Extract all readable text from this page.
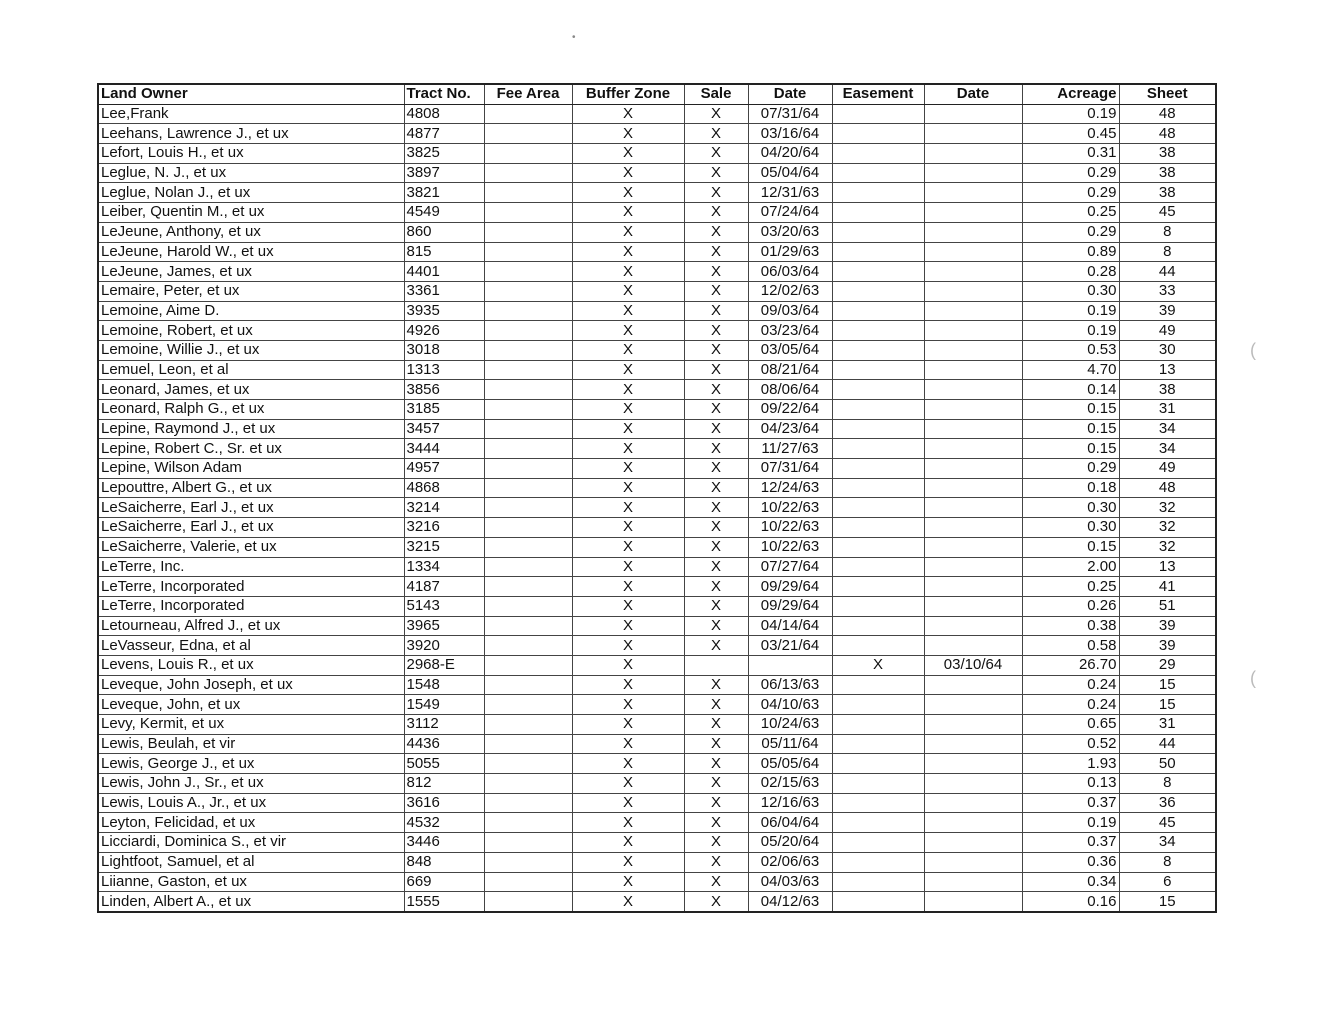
•
(
(
Land Owner	Tract No.	Fee Area	Buffer Zone	Sale	Date	Easement	Date	Acreage	Sheet
Lee,Frank	4808		X	X	07/31/64			0.19	48
Leehans, Lawrence J., et ux	4877		X	X	03/16/64			0.45	48
Lefort, Louis H., et ux	3825		X	X	04/20/64			0.31	38
Leglue, N. J., et ux	3897		X	X	05/04/64			0.29	38
Leglue, Nolan J., et ux	3821		X	X	12/31/63			0.29	38
Leiber, Quentin M., et ux	4549		X	X	07/24/64			0.25	45
LeJeune, Anthony, et ux	860		X	X	03/20/63			0.29	8
LeJeune, Harold W., et ux	815		X	X	01/29/63			0.89	8
LeJeune, James, et ux	4401		X	X	06/03/64			0.28	44
Lemaire, Peter, et ux	3361		X	X	12/02/63			0.30	33
Lemoine, Aime D.	3935		X	X	09/03/64			0.19	39
Lemoine, Robert, et ux	4926		X	X	03/23/64			0.19	49
Lemoine, Willie J., et ux	3018		X	X	03/05/64			0.53	30
Lemuel, Leon, et al	1313		X	X	08/21/64			4.70	13
Leonard, James, et ux	3856		X	X	08/06/64			0.14	38
Leonard, Ralph G., et ux	3185		X	X	09/22/64			0.15	31
Lepine, Raymond J., et ux	3457		X	X	04/23/64			0.15	34
Lepine, Robert C., Sr. et ux	3444		X	X	11/27/63			0.15	34
Lepine, Wilson Adam	4957		X	X	07/31/64			0.29	49
Lepouttre, Albert G., et ux	4868		X	X	12/24/63			0.18	48
LeSaicherre, Earl J., et ux	3214		X	X	10/22/63			0.30	32
LeSaicherre, Earl J., et ux	3216		X	X	10/22/63			0.30	32
LeSaicherre, Valerie, et ux	3215		X	X	10/22/63			0.15	32
LeTerre, Inc.	1334		X	X	07/27/64			2.00	13
LeTerre, Incorporated	4187		X	X	09/29/64			0.25	41
LeTerre, Incorporated	5143		X	X	09/29/64			0.26	51
Letourneau, Alfred J., et ux	3965		X	X	04/14/64			0.38	39
LeVasseur, Edna, et al	3920		X	X	03/21/64			0.58	39
Levens, Louis R., et ux	2968-E		X			X	03/10/64	26.70	29
Leveque, John Joseph, et ux	1548		X	X	06/13/63			0.24	15
Leveque, John, et ux	1549		X	X	04/10/63			0.24	15
Levy, Kermit, et ux	3112		X	X	10/24/63			0.65	31
Lewis, Beulah, et vir	4436		X	X	05/11/64			0.52	44
Lewis, George J., et ux	5055		X	X	05/05/64			1.93	50
Lewis, John J., Sr., et ux	812		X	X	02/15/63			0.13	8
Lewis, Louis A., Jr., et ux	3616		X	X	12/16/63			0.37	36
Leyton, Felicidad, et ux	4532		X	X	06/04/64			0.19	45
Licciardi, Dominica S., et vir	3446		X	X	05/20/64			0.37	34
Lightfoot, Samuel, et al	848		X	X	02/06/63			0.36	8
Liianne, Gaston, et ux	669		X	X	04/03/63			0.34	6
Linden, Albert A., et ux	1555		X	X	04/12/63			0.16	15
